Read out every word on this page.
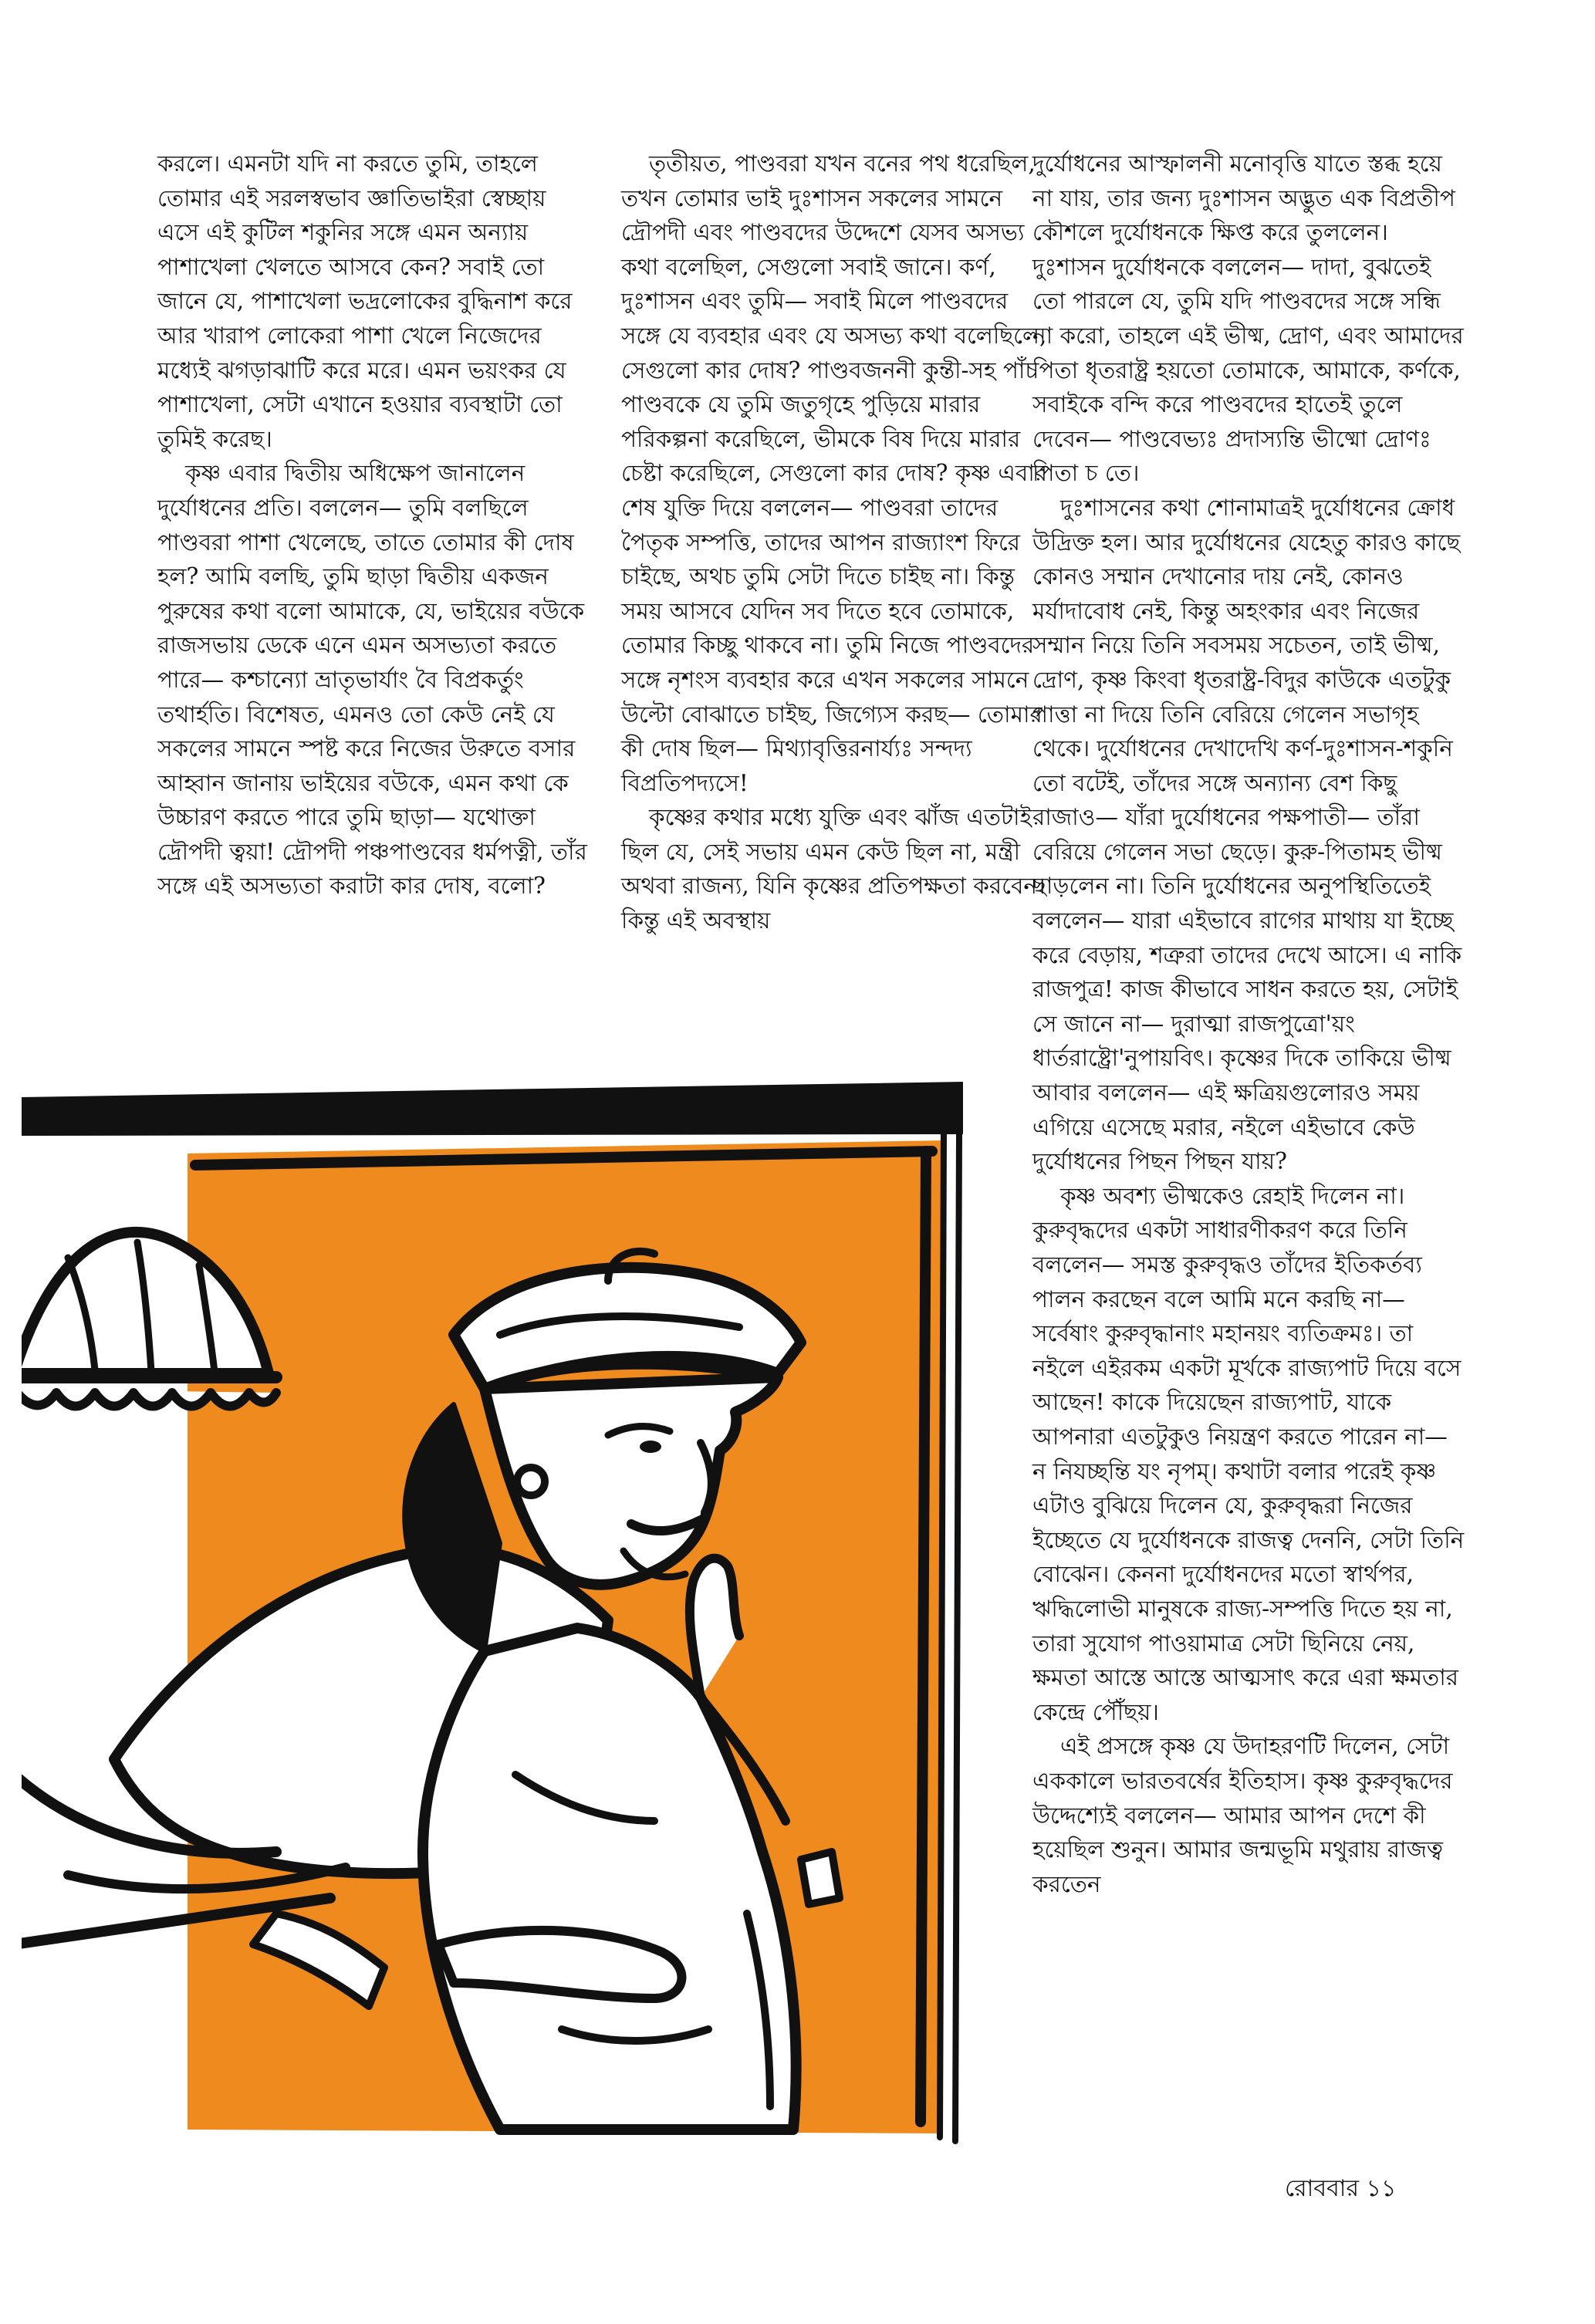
করলে। এমনটা যদি না করতে তুমি, তাহলে তোমার এই সরলস্বভাব জ্ঞাতিভাইরা স্বেচ্ছায় এসে এই কুটিল শকুনির সঙ্গে এমন অন্যায় পাশাখেলা খেলতে আসবে কেন? সবাই তো জানে যে, পাশাখেলা ভদ্রলোকের বুদ্ধিনাশ করে আর খারাপ লোকেরা পাশা খেলে নিজেদের মধ্যেই ঝগড়াঝাটি করে মরে। এমন ভয়ংকর যে পাশাখেলা, সেটা এখানে হওয়ার ব্যবস্থাটা তো তুমিই করেছ।

কৃষ্ণ এবার দ্বিতীয় অধিক্ষেপ জানালেন দুর্যোধনের প্রতি। বললেন— তুমি বলছিলে পাণ্ডবরা পাশা খেলেছে, তাতে তোমার কী দোষ হল? আমি বলছি, তুমি ছাড়া দ্বিতীয় একজন পুরুষের কথা বলো আমাকে, যে, ভাইয়ের বউকে রাজসভায় ডেকে এনে এমন অসভ্যতা করতে পারে— কশ্চান্যো ভ্রাতৃভার্যাং বৈ বিপ্রকর্তুং তথার্হতি। বিশেষত, এমনও তো কেউ নেই যে সকলের সামনে স্পষ্ট করে নিজের উরুতে বসার আহ্বান জানায় ভাইয়ের বউকে, এমন কথা কে উচ্চারণ করতে পারে তুমি ছাড়া— যথোক্তা দ্রৌপদী ত্বয়া! দ্রৌপদী পঞ্চপাণ্ডবের ধর্মপত্নী, তাঁর সঙ্গে এই অসভ্যতা করাটা কার দোষ, বলো?

তৃতীয়ত, পাণ্ডবরা যখন বনের পথ ধরেছিল, তখন তোমার ভাই দুঃশাসন সকলের সামনে দ্রৌপদী এবং পাণ্ডবদের উদ্দেশে যেসব অসভ্য কথা বলেছিল, সেগুলো সবাই জানে। কর্ণ, দুঃশাসন এবং তুমি— সবাই মিলে পাণ্ডবদের সঙ্গে যে ব্যবহার এবং যে অসভ্য কথা বলেছিলে, সেগুলো কার দোষ? পাণ্ডবজননী কুন্তী-সহ পাঁচ পাণ্ডবকে যে তুমি জতুগৃহে পুড়িয়ে মারার পরিকল্পনা করেছিলে, ভীমকে বিষ দিয়ে মারার চেষ্টা করেছিলে, সেগুলো কার দোষ? কৃষ্ণ এবার শেষ যুক্তি দিয়ে বললেন— পাণ্ডবরা তাদের পৈতৃক সম্পত্তি, তাদের আপন রাজ্যাংশ ফিরে চাইছে, অথচ তুমি সেটা দিতে চাইছ না। কিন্তু সময় আসবে যেদিন সব দিতে হবে তোমাকে, তোমার কিচ্ছু থাকবে না। তুমি নিজে পাণ্ডবদের সঙ্গে নৃশংস ব্যবহার করে এখন সকলের সামনে উল্টো বোঝাতে চাইছ, জিগ্যেস করছ— তোমার কী দোষ ছিল— মিথ্যাবৃত্তিরনার্য্যঃ সন্দদ্য বিপ্রতিপদ্যসে!

কৃষ্ণের কথার মধ্যে যুক্তি এবং ঝাঁজ এতটাই ছিল যে, সেই সভায় এমন কেউ ছিল না, মন্ত্রী অথবা রাজন্য, যিনি কৃষ্ণের প্রতিপক্ষতা করবেন। কিন্তু এই অবস্থায়

দুর্যোধনের আস্ফালনী মনোবৃত্তি যাতে স্তব্ধ হয়ে না যায়, তার জন্য দুঃশাসন অদ্ভুত এক বিপ্রতীপ কৌশলে দুর্যোধনকে ক্ষিপ্ত করে তুললেন। দুঃশাসন দুর্যোধনকে বললেন— দাদা, বুঝতেই তো পারলে যে, তুমি যদি পাণ্ডবদের সঙ্গে সন্ধি না করো, তাহলে এই ভীষ্ম, দ্রোণ, এবং আমাদের পিতা ধৃতরাষ্ট্র হয়তো তোমাকে, আমাকে, কর্ণকে, সবাইকে বন্দি করে পাণ্ডবদের হাতেই তুলে দেবেন— পাণ্ডবেভ্যঃ প্রদাস্যন্তি ভীষ্মো দ্রোণঃ পিতা চ তে।

দুঃশাসনের কথা শোনামাত্রই দুর্যোধনের ক্রোধ উদ্রিক্ত হল। আর দুর্যোধনের যেহেতু কারও কাছে কোনও সম্মান দেখানোর দায় নেই, কোনও মর্যাদাবোধ নেই, কিন্তু অহংকার এবং নিজের সম্মান নিয়ে তিনি সবসময় সচেতন, তাই ভীষ্ম, দ্রোণ, কৃষ্ণ কিংবা ধৃতরাষ্ট্র-বিদুর কাউকে এতটুকু পাত্তা না দিয়ে তিনি বেরিয়ে গেলেন সভাগৃহ থেকে। দুর্যোধনের দেখাদেখি কর্ণ-দুঃশাসন-শকুনি তো বটেই, তাঁদের সঙ্গে অন্যান্য বেশ কিছু রাজাও— যাঁরা দুর্যোধনের পক্ষপাতী— তাঁরা বেরিয়ে গেলেন সভা ছেড়ে। কুরু-পিতামহ ভীষ্ম ছাড়লেন না। তিনি দুর্যোধনের অনুপস্থিতিতেই বললেন— যারা এইভাবে রাগের মাথায় যা ইচ্ছে করে বেড়ায়, শত্রুরা তাদের দেখে আসে। এ নাকি রাজপুত্র! কাজ কীভাবে সাধন করতে হয়, সেটাই সে জানে না— দুরাত্মা রাজপুত্রো'য়ং ধার্তরাষ্ট্রো'নুপায়বিৎ। কৃষ্ণের দিকে তাকিয়ে ভীষ্ম আবার বললেন— এই ক্ষত্রিয়গুলোরও সময় এগিয়ে এসেছে মরার, নইলে এইভাবে কেউ দুর্যোধনের পিছন পিছন যায়?

কৃষ্ণ অবশ্য ভীষ্মকেও রেহাই দিলেন না। কুরুবৃদ্ধদের একটা সাধারণীকরণ করে তিনি বললেন— সমস্ত কুরুবৃদ্ধও তাঁদের ইতিকর্তব্য পালন করছেন বলে আমি মনে করছি না— সর্বেষাং কুরুবৃদ্ধানাং মহানয়ং ব্যতিক্রমঃ। তা নইলে এইরকম একটা মূর্খকে রাজ্যপাট দিয়ে বসে আছেন! কাকে দিয়েছেন রাজ্যপাট, যাকে আপনারা এতটুকুও নিয়ন্ত্রণ করতে পারেন না— ন নিযচ্ছন্তি যং নৃপম্। কথাটা বলার পরেই কৃষ্ণ এটাও বুঝিয়ে দিলেন যে, কুরুবৃদ্ধরা নিজের ইচ্ছেতে যে দুর্যোধনকে রাজত্ব দেননি, সেটা তিনি বোঝেন। কেননা দুর্যোধনদের মতো স্বার্থপর, ঋদ্ধিলোভী মানুষকে রাজ্য-সম্পত্তি দিতে হয় না, তারা সুযোগ পাওয়ামাত্র সেটা ছিনিয়ে নেয়, ক্ষমতা আস্তে আস্তে আত্মসাৎ করে এরা ক্ষমতার কেন্দ্রে পৌঁছয়।

এই প্রসঙ্গে কৃষ্ণ যে উদাহরণটি দিলেন, সেটা এককালে ভারতবর্ষের ইতিহাস। কৃষ্ণ কুরুবৃদ্ধদের উদ্দেশ্যেই বললেন— আমার আপন দেশে কী হয়েছিল শুনুন। আমার জন্মভূমি মথুরায় রাজত্ব করতেন

রোববার ১১
